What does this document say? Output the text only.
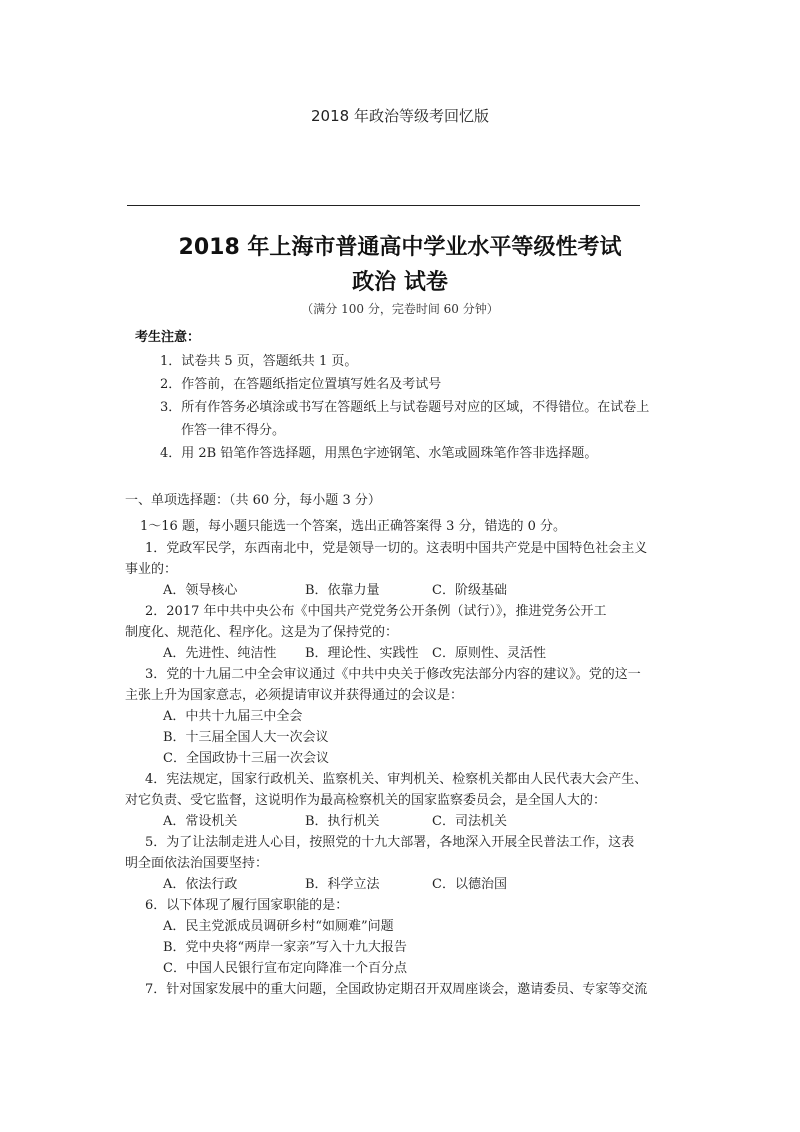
2018 年政治等级考回忆版
2018 年上海市普通高中学业水平等级性考试
政治 试卷
（满分 100 分，完卷时间 60 分钟）
考生注意：
1．试卷共 5 页，答题纸共 1 页。
2．作答前，在答题纸指定位置填写姓名及考试号
3．所有作答务必填涂或书写在答题纸上与试卷题号对应的区域，不得错位。在试卷上
作答一律不得分。
4．用 2B 铅笔作答选择题，用黑色字迹钢笔、水笔或圆珠笔作答非选择题。
一、单项选择题：（共 60 分，每小题 3 分）
1～16 题，每小题只能选一个答案，选出正确答案得 3 分，错选的 0 分。
1．党政军民学，东西南北中，党是领导一切的。这表明中国共产党是中国特色社会主义
事业的：
A．领导核心	B．依靠力量	C．阶级基础
2．2017 年中共中央公布《中国共产党党务公开条例（试行）》，推进党务公开工
制度化、规范化、程序化。这是为了保持党的：
A．先进性、纯洁性 B．理论性、实践性 C．原则性、灵活性
3．党的十九届二中全会审议通过《中共中央关于修改宪法部分内容的建议》。党的这一
主张上升为国家意志，必须提请审议并获得通过的会议是：
A．中共十九届三中全会
B．十三届全国人大一次会议
C．全国政协十三届一次会议
4．宪法规定，国家行政机关、监察机关、审判机关、检察机关都由人民代表大会产生、
对它负责、受它监督，这说明作为最高检察机关的国家监察委员会，是全国人大的：
A．常设机关	B．执行机关	C．司法机关
5．为了让法制走进人心目，按照党的十九大部署，各地深入开展全民普法工作，这表
明全面依法治国要坚持：
A．依法行政	B．科学立法	C．以德治国
6．以下体现了履行国家职能的是：
A．民主党派成员调研乡村“如厕难”问题
B．党中央将“两岸一家亲”写入十九大报告
C．中国人民银行宣布定向降准一个百分点
7．针对国家发展中的重大问题，全国政协定期召开双周座谈会，邀请委员、专家等交流
